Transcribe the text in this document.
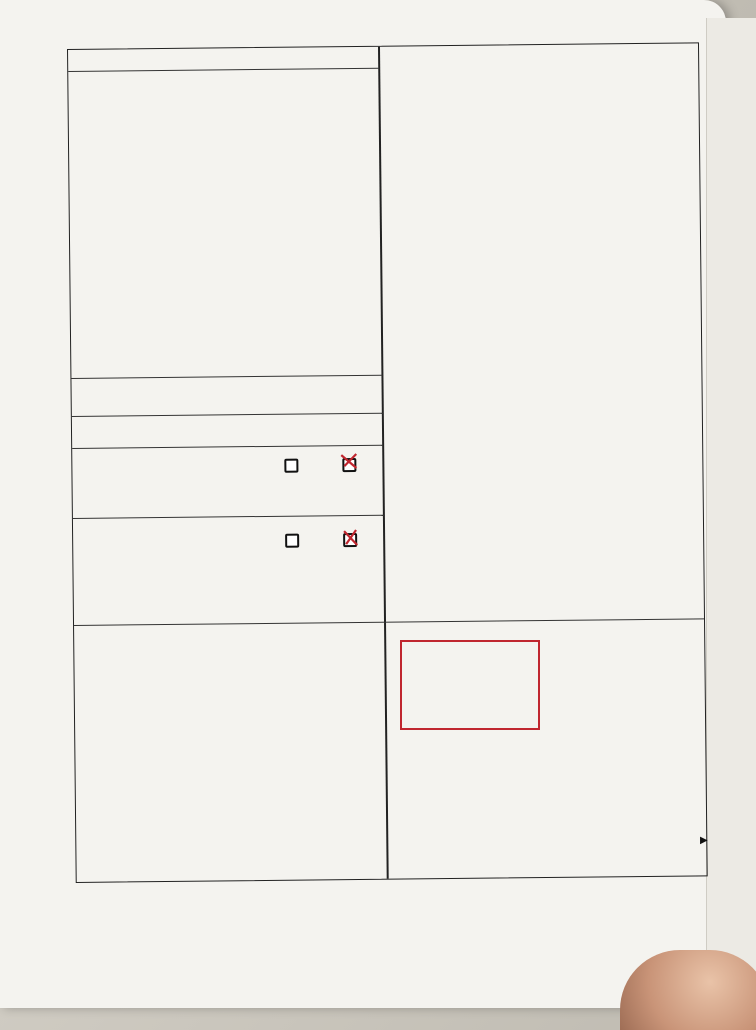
▶
